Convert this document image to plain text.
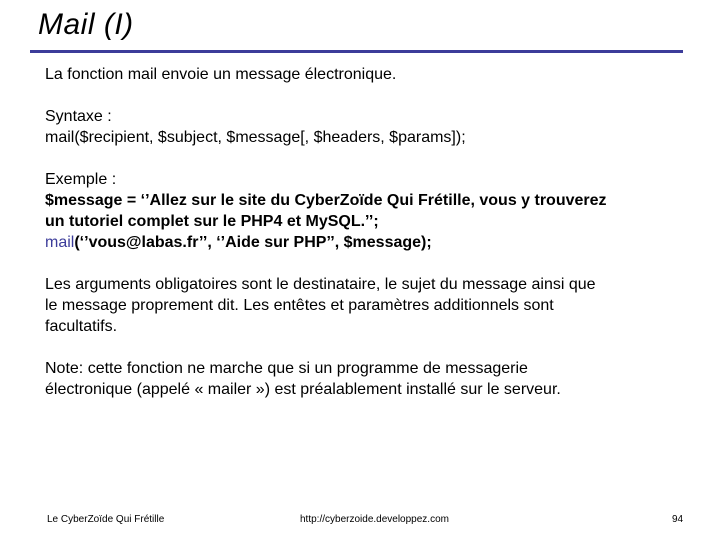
Mail (I)

La fonction mail envoie un message électronique.

Syntaxe :

mail($recipient, $subject, $message[, $headers, $params]);

Exemple :

$message = ‘’Allez sur le site du CyberZoïde Qui Frétille, vous y trouverez

un tutoriel complet sur le PHP4 et MySQL.’’;

mail(‘’vous@labas.fr’’, ‘’Aide sur PHP’’, $message);

Les arguments obligatoires sont le destinataire, le sujet du message ainsi que

le message proprement dit. Les entêtes et paramètres additionnels sont

facultatifs.

Note: cette fonction ne marche que si un programme de messagerie

électronique (appelé « mailer ») est préalablement installé sur le serveur.

Le CyberZoïde Qui Frétille	http://cyberzoide.developpez.com	94
